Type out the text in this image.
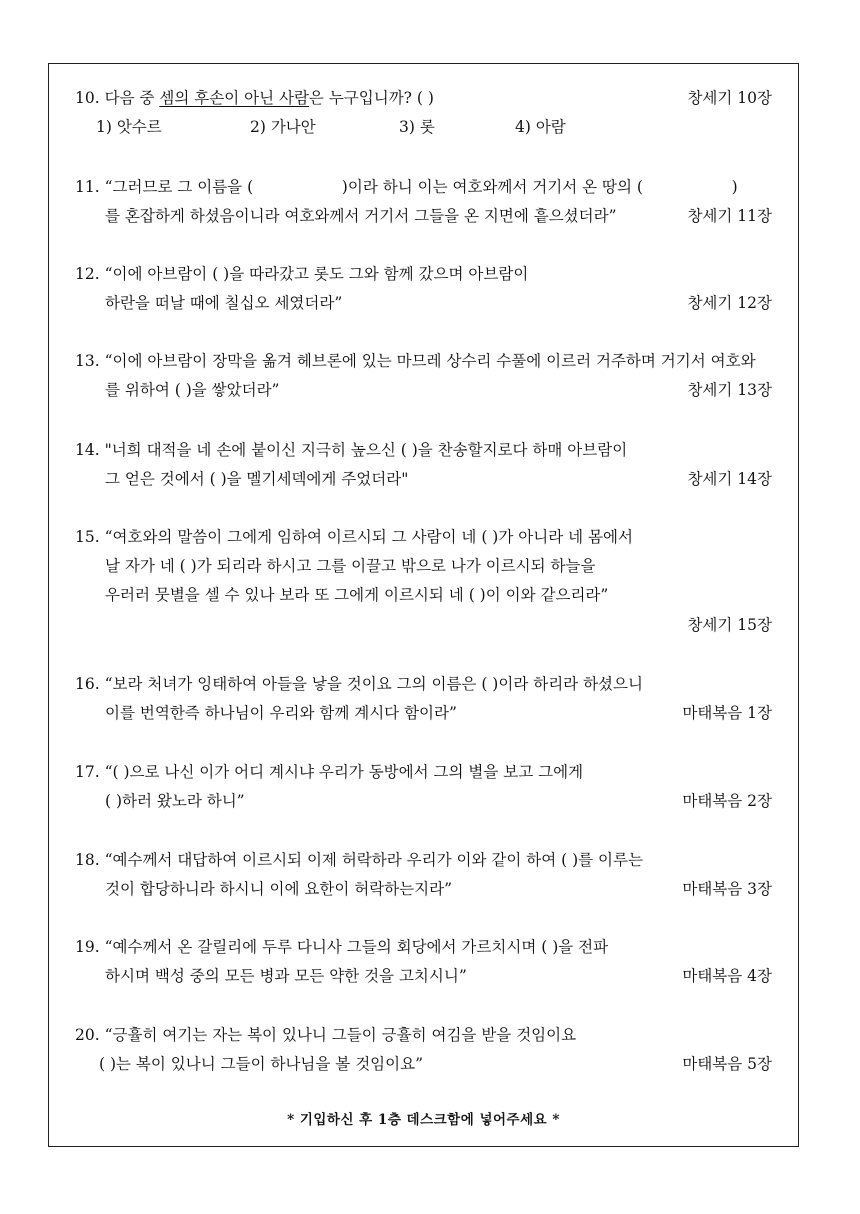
10. 다음 중 셈의 후손이 아닌 사람은 누구입니까? ( )	창세기 10장
1) 앗수르	2) 가나안	3) 롯	4) 아람
11. “그러므로 그 이름을 (                  )이라 하니 이는 여호와께서 거기서 온 땅의 (                  )
를 혼잡하게 하셨음이니라 여호와께서 거기서 그들을 온 지면에 흩으셨더라”	창세기 11장
12. “이에 아브람이 ( )을 따라갔고 롯도 그와 함께 갔으며 아브람이
하란을 떠날 때에 칠십오 세였더라”	창세기 12장
13. “이에 아브람이 장막을 옮겨 헤브론에 있는 마므레 상수리 수풀에 이르러 거주하며 거기서 여호와
를 위하여 ( )을 쌓았더라”	창세기 13장
14. "너희 대적을 네 손에 붙이신 지극히 높으신 ( )을 찬송할지로다 하매 아브람이
그 얻은 것에서 ( )을 멜기세덱에게 주었더라"	창세기 14장
15. “여호와의 말씀이 그에게 임하여 이르시되 그 사람이 네 ( )가 아니라 네 몸에서
날 자가 네 ( )가 되리라 하시고 그를 이끌고 밖으로 나가 이르시되 하늘을
우러러 뭇별을 셀 수 있나 보라 또 그에게 이르시되 네 ( )이 이와 같으리라”
창세기 15장
16. “보라 처녀가 잉태하여 아들을 낳을 것이요 그의 이름은 ( )이라 하리라 하셨으니
이를 번역한즉 하나님이 우리와 함께 계시다 함이라”	마태복음 1장
17. “( )으로 나신 이가 어디 계시냐 우리가 동방에서 그의 별을 보고 그에게
( )하러 왔노라 하니”	마태복음 2장
18. “예수께서 대답하여 이르시되 이제 허락하라 우리가 이와 같이 하여 ( )를 이루는
것이 합당하니라 하시니 이에 요한이 허락하는지라”	마태복음 3장
19. “예수께서 온 갈릴리에 두루 다니사 그들의 회당에서 가르치시며 ( )을 전파
하시며 백성 중의 모든 병과 모든 약한 것을 고치시니”	마태복음 4장
20. “긍휼히 여기는 자는 복이 있나니 그들이 긍휼히 여김을 받을 것임이요
( )는 복이 있나니 그들이 하나님을 볼 것임이요”	마태복음 5장
* 기입하신 후 1층 데스크함에 넣어주세요 *
